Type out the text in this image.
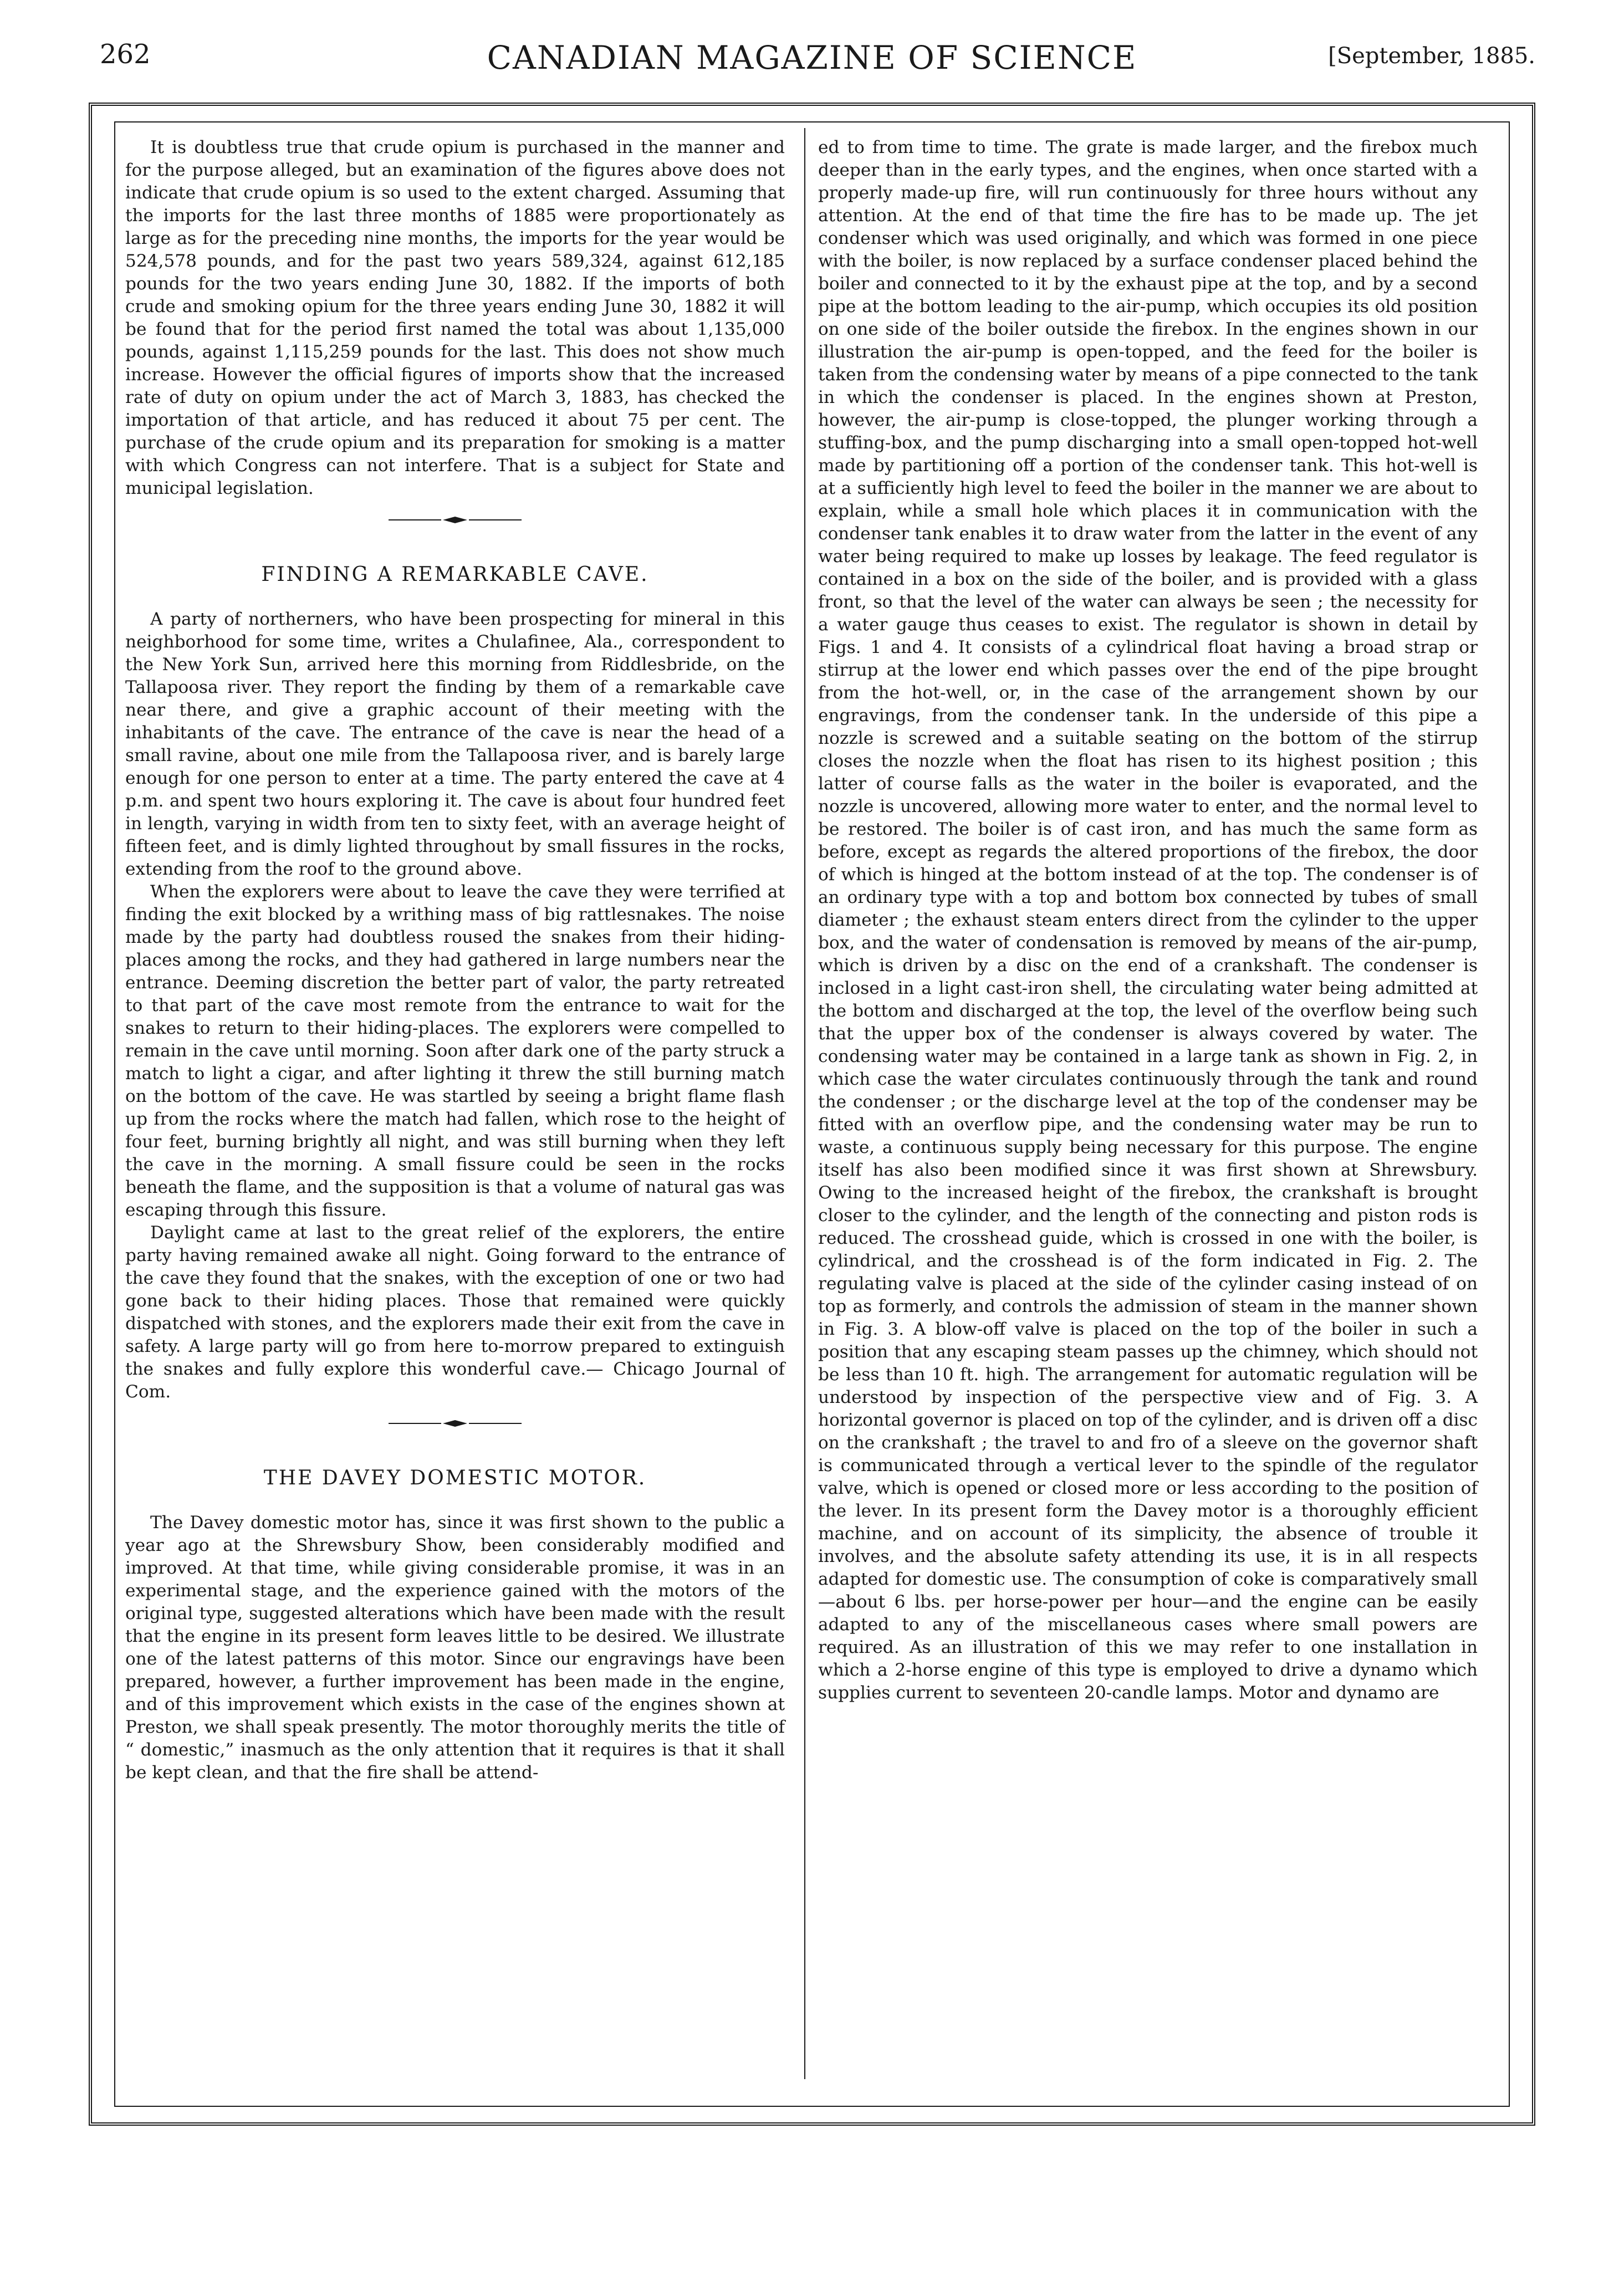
262	CANADIAN MAGAZINE OF SCIENCE	[September, 1885.

It is doubtless true that crude opium is purchased in the manner and for the purpose alleged, but an examination of the figures above does not indicate that crude opium is so used to the extent charged. Assuming that the imports for the last three months of 1885 were proportionately as large as for the preceding nine months, the imports for the year would be 524,578 pounds, and for the past two years 589,324, against 612,185 pounds for the two years ending June 30, 1882. If the imports of both crude and smoking opium for the three years ending June 30, 1882 it will be found that for the period first named the total was about 1,135,000 pounds, against 1,115,259 pounds for the last. This does not show much increase. However the official figures of imports show that the increased rate of duty on opium under the act of March 3, 1883, has checked the importation of that article, and has reduced it about 75 per cent. The purchase of the crude opium and its preparation for smoking is a matter with which Congress can not interfere. That is a subject for State and municipal legislation.

FINDING A REMARKABLE CAVE.

A party of northerners, who have been prospecting for mineral in this neighborhood for some time, writes a Chulafinee, Ala., correspondent to the New York Sun, arrived here this morning from Riddlesbride, on the Tallapoosa river. They report the finding by them of a remarkable cave near there, and give a graphic account of their meeting with the inhabitants of the cave. The entrance of the cave is near the head of a small ravine, about one mile from the Tallapoosa river, and is barely large enough for one person to enter at a time. The party entered the cave at 4 p.m. and spent two hours exploring it. The cave is about four hundred feet in length, varying in width from ten to sixty feet, with an average height of fifteen feet, and is dimly lighted throughout by small fissures in the rocks, extending from the roof to the ground above.

When the explorers were about to leave the cave they were terrified at finding the exit blocked by a writhing mass of big rattlesnakes. The noise made by the party had doubtless roused the snakes from their hiding-places among the rocks, and they had gathered in large numbers near the entrance. Deeming discretion the better part of valor, the party retreated to that part of the cave most remote from the entrance to wait for the snakes to return to their hiding-places. The explorers were compelled to remain in the cave until morning. Soon after dark one of the party struck a match to light a cigar, and after lighting it threw the still burning match on the bottom of the cave. He was startled by seeing a bright flame flash up from the rocks where the match had fallen, which rose to the height of four feet, burning brightly all night, and was still burning when they left the cave in the morning. A small fissure could be seen in the rocks beneath the flame, and the supposition is that a volume of natural gas was escaping through this fissure.

Daylight came at last to the great relief of the explorers, the entire party having remained awake all night. Going forward to the entrance of the cave they found that the snakes, with the exception of one or two had gone back to their hiding places. Those that remained were quickly dispatched with stones, and the explorers made their exit from the cave in safety. A large party will go from here to-morrow prepared to extinguish the snakes and fully explore this wonderful cave.— Chicago Journal of Com.

THE DAVEY DOMESTIC MOTOR.

The Davey domestic motor has, since it was first shown to the public a year ago at the Shrewsbury Show, been considerably modified and improved. At that time, while giving considerable promise, it was in an experimental stage, and the experience gained with the motors of the original type, suggested alterations which have been made with the result that the engine in its present form leaves little to be desired. We illustrate one of the latest patterns of this motor. Since our engravings have been prepared, however, a further improvement has been made in the engine, and of this improvement which exists in the case of the engines shown at Preston, we shall speak presently. The motor thoroughly merits the title of “ domestic,” inasmuch as the only attention that it requires is that it shall be kept clean, and that the fire shall be attend-

ed to from time to time. The grate is made larger, and the firebox much deeper than in the early types, and the engines, when once started with a properly made-up fire, will run continuously for three hours without any attention. At the end of that time the fire has to be made up. The jet condenser which was used originally, and which was formed in one piece with the boiler, is now replaced by a surface condenser placed behind the boiler and connected to it by the exhaust pipe at the top, and by a second pipe at the bottom leading to the air-pump, which occupies its old position on one side of the boiler outside the firebox. In the engines shown in our illustration the air-pump is open-topped, and the feed for the boiler is taken from the condensing water by means of a pipe connected to the tank in which the condenser is placed. In the engines shown at Preston, however, the air-pump is close-topped, the plunger working through a stuffing-box, and the pump discharging into a small open-topped hot-well made by partitioning off a portion of the condenser tank. This hot-well is at a sufficiently high level to feed the boiler in the manner we are about to explain, while a small hole which places it in communication with the condenser tank enables it to draw water from the latter in the event of any water being required to make up losses by leakage. The feed regulator is contained in a box on the side of the boiler, and is provided with a glass front, so that the level of the water can always be seen ; the necessity for a water gauge thus ceases to exist. The regulator is shown in detail by Figs. 1 and 4. It consists of a cylindrical float having a broad strap or stirrup at the lower end which passes over the end of the pipe brought from the hot-well, or, in the case of the arrangement shown by our engravings, from the condenser tank. In the underside of this pipe a nozzle is screwed and a suitable seating on the bottom of the stirrup closes the nozzle when the float has risen to its highest position ; this latter of course falls as the water in the boiler is evaporated, and the nozzle is uncovered, allowing more water to enter, and the normal level to be restored. The boiler is of cast iron, and has much the same form as before, except as regards the altered proportions of the firebox, the door of which is hinged at the bottom instead of at the top. The condenser is of an ordinary type with a top and bottom box connected by tubes of small diameter ; the exhaust steam enters direct from the cylinder to the upper box, and the water of condensation is removed by means of the air-pump, which is driven by a disc on the end of a crankshaft. The condenser is inclosed in a light cast-iron shell, the circulating water being admitted at the bottom and discharged at the top, the level of the overflow being such that the upper box of the condenser is always covered by water. The condensing water may be contained in a large tank as shown in Fig. 2, in which case the water circulates continuously through the tank and round the condenser ; or the discharge level at the top of the condenser may be fitted with an overflow pipe, and the condensing water may be run to waste, a continuous supply being necessary for this purpose. The engine itself has also been modified since it was first shown at Shrewsbury. Owing to the increased height of the firebox, the crankshaft is brought closer to the cylinder, and the length of the connecting and piston rods is reduced. The crosshead guide, which is crossed in one with the boiler, is cylindrical, and the crosshead is of the form indicated in Fig. 2. The regulating valve is placed at the side of the cylinder casing instead of on top as formerly, and controls the admission of steam in the manner shown in Fig. 3. A blow-off valve is placed on the top of the boiler in such a position that any escaping steam passes up the chimney, which should not be less than 10 ft. high. The arrangement for automatic regulation will be understood by inspection of the perspective view and of Fig. 3. A horizontal governor is placed on top of the cylinder, and is driven off a disc on the crankshaft ; the travel to and fro of a sleeve on the governor shaft is communicated through a vertical lever to the spindle of the regulator valve, which is opened or closed more or less according to the position of the lever. In its present form the Davey motor is a thoroughly efficient machine, and on account of its simplicity, the absence of trouble it involves, and the absolute safety attending its use, it is in all respects adapted for domestic use. The consumption of coke is comparatively small—about 6 lbs. per horse-power per hour—and the engine can be easily adapted to any of the miscellaneous cases where small powers are required. As an illustration of this we may refer to one installation in which a 2-horse engine of this type is employed to drive a dynamo which supplies current to seventeen 20-candle lamps. Motor and dynamo are
